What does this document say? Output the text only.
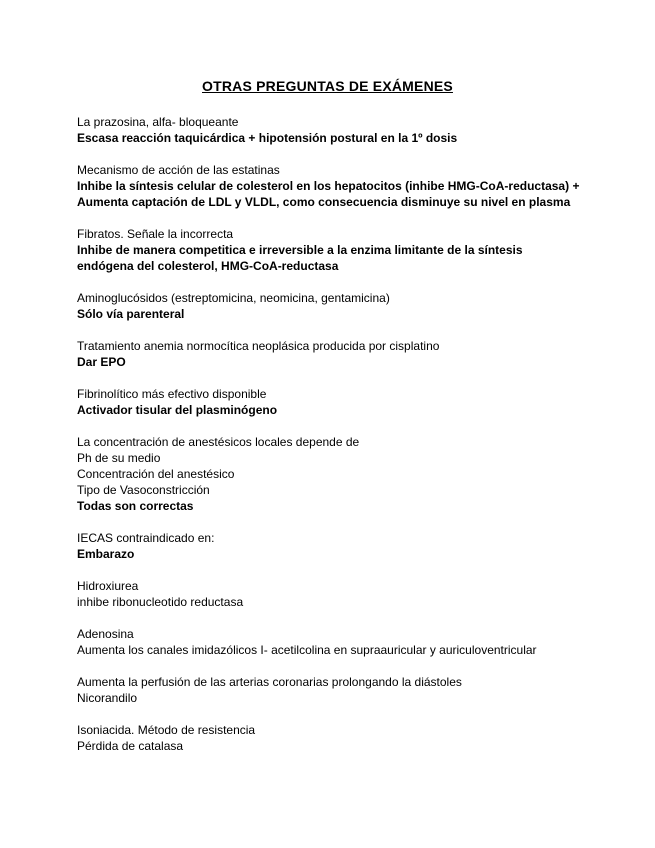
OTRAS PREGUNTAS DE EXÁMENES
La prazosina, alfa- bloqueante
Escasa reacción taquicárdica + hipotensión postural en la 1º dosis
Mecanismo de acción de las estatinas
Inhibe la síntesis celular de colesterol en los hepatocitos (inhibe HMG-CoA-reductasa) +
Aumenta captación de LDL y VLDL, como consecuencia disminuye su nivel en plasma
Fibratos. Señale la incorrecta
Inhibe de manera competitica e irreversible a la enzima limitante de la síntesis
endógena del colesterol, HMG-CoA-reductasa
Aminoglucósidos (estreptomicina, neomicina, gentamicina)
Sólo vía parenteral
Tratamiento anemia normocítica neoplásica producida por cisplatino
Dar EPO
Fibrinolítico más efectivo disponible
Activador tisular del plasminógeno
La concentración de anestésicos locales depende de
Ph de su medio
Concentración del anestésico
Tipo de Vasoconstricción
Todas son correctas
IECAS contraindicado en:
Embarazo
Hidroxiurea
inhibe ribonucleotido reductasa
Adenosina
Aumenta los canales imidazólicos I- acetilcolina en supraauricular y auriculoventricular
Aumenta la perfusión de las arterias coronarias prolongando la diástoles
Nicorandilo
Isoniacida. Método de resistencia
Pérdida de catalasa
